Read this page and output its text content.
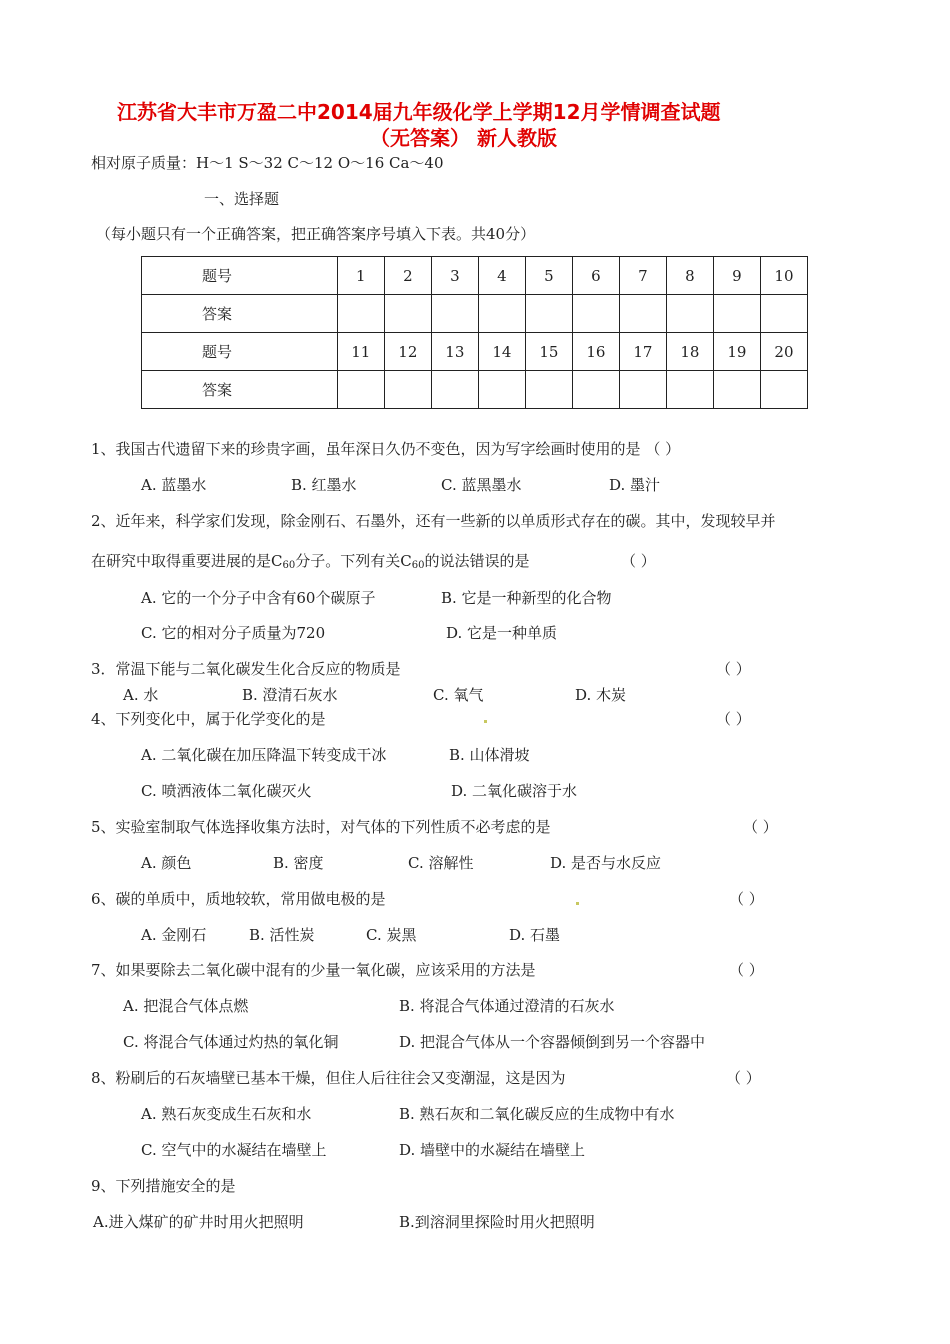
江苏省大丰市万盈二中2014届九年级化学上学期12月学情调查试题
（无答案） 新人教版
相对原子质量：H～1 S～32 C～12 O～16 Ca～40
一、选择题
（每小题只有一个正确答案，把正确答案序号填入下表。共40分）
题号	1	2	3	4	5	6	7	8	9	10
答案										
题号	11	12	13	14	15	16	17	18	19	20
答案										
1、我国古代遗留下来的珍贵字画，虽年深日久仍不变色，因为写字绘画时使用的是 （ ）
A. 蓝墨水	B. 红墨水	C. 蓝黑墨水	D. 墨汁
2、近年来，科学家们发现，除金刚石、石墨外，还有一些新的以单质形式存在的碳。其中，发现较早并
在研究中取得重要进展的是$C_{60}$分子。下列有关$C_{60}$的说法错误的是	（ ）
A. 它的一个分子中含有60个碳原子	B. 它是一种新型的化合物
C. 它的相对分子质量为720	D. 它是一种单质
3．常温下能与二氧化碳发生化合反应的物质是	（ ）
A. 水	B. 澄清石灰水	C. 氧气	D. 木炭
4、下列变化中，属于化学变化的是	（ ）
A. 二氧化碳在加压降温下转变成干冰	B. 山体滑坡
C. 喷洒液体二氧化碳灭火	D. 二氧化碳溶于水
5、实验室制取气体选择收集方法时，对气体的下列性质不必考虑的是	（ ）
A. 颜色	B. 密度	C. 溶解性	D. 是否与水反应
6、碳的单质中，质地较软，常用做电极的是	（ ）
A. 金刚石	B. 活性炭	C. 炭黑	D. 石墨
7、如果要除去二氧化碳中混有的少量一氧化碳，应该采用的方法是	（ ）
A. 把混合气体点燃	B. 将混合气体通过澄清的石灰水
C. 将混合气体通过灼热的氧化铜	D. 把混合气体从一个容器倾倒到另一个容器中
8、粉刷后的石灰墙壁已基本干燥，但住人后往往会又变潮湿，这是因为	（ ）
A. 熟石灰变成生石灰和水	B. 熟石灰和二氧化碳反应的生成物中有水
C. 空气中的水凝结在墙壁上	D. 墙壁中的水凝结在墙壁上
9、下列措施安全的是
A.进入煤矿的矿井时用火把照明	B.到溶洞里探险时用火把照明
